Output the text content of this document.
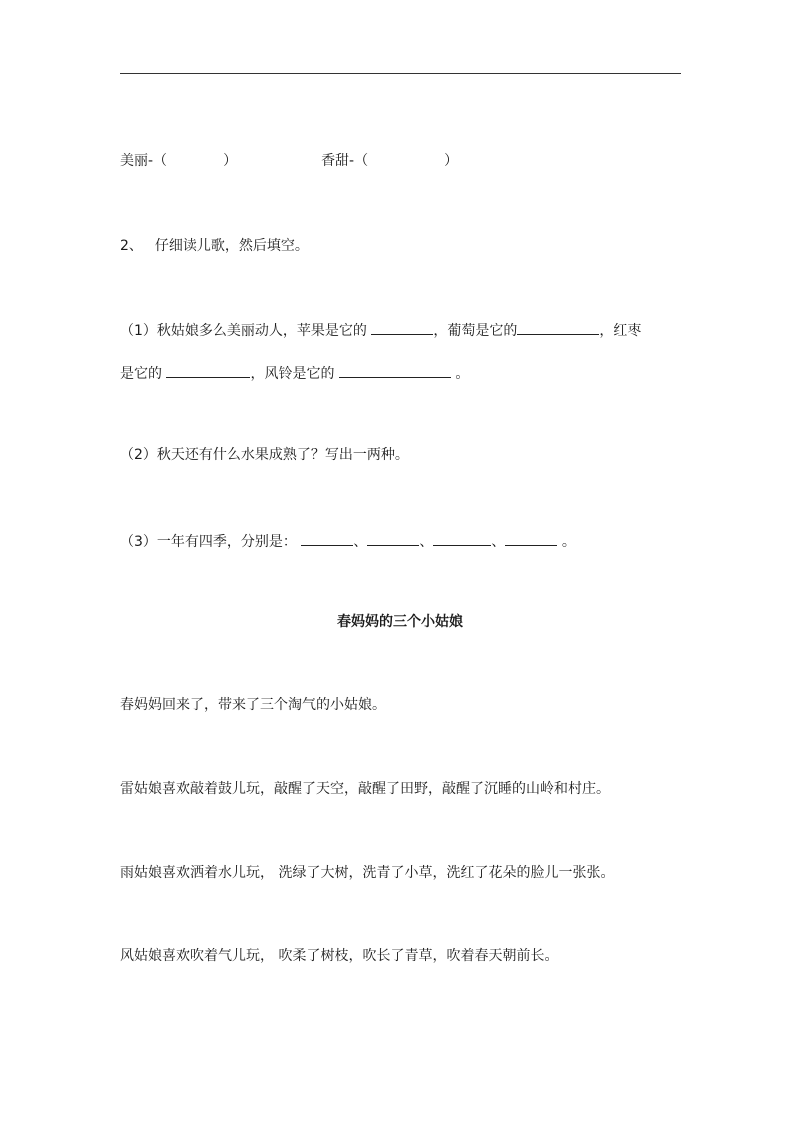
美丽-（	）	香甜-（	）
2、 仔细读儿歌，然后填空。
（1）秋姑娘多么美丽动人，苹果是它的	，葡萄是它的	，红枣
是它的	，风铃是它的	。
（2）秋天还有什么水果成熟了？写出一两种。
（3）一年有四季，分别是：	、	、	、	。
春妈妈的三个小姑娘
春妈妈回来了，带来了三个淘气的小姑娘。
雷姑娘喜欢敲着鼓儿玩，敲醒了天空，敲醒了田野，敲醒了沉睡的山岭和村庄。
雨姑娘喜欢洒着水儿玩， 洗绿了大树，洗青了小草，洗红了花朵的脸儿一张张。
风姑娘喜欢吹着气儿玩， 吹柔了树枝，吹长了青草，吹着春天朝前长。
